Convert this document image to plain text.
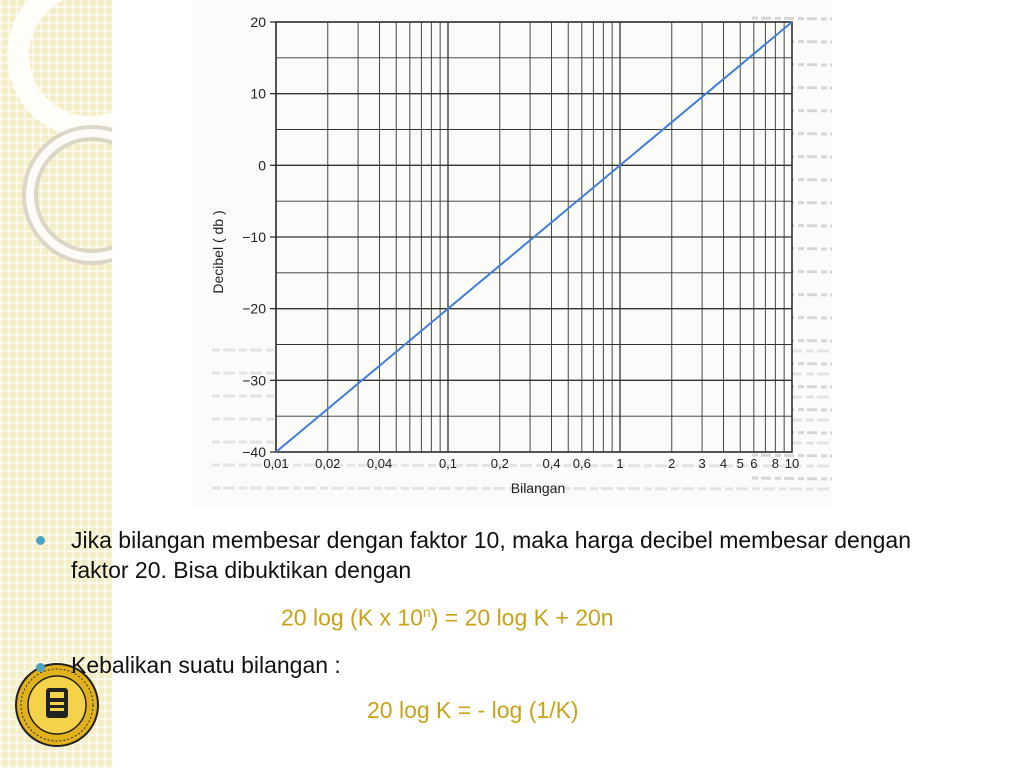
20
10
0
−10
−20
−30
−40
0,01 0,02 0,04	0,1	0,2	0,4 0,6 1	2 3 4 5 6 8 10
Decibel ( db )
Bilangan
Jika bilangan membesar dengan faktor 10, maka harga decibel membesar dengan faktor 20. Bisa dibuktikan dengan
20 log (K x $10^n) = 20$ log K + 20n
Kebalikan suatu bilangan :
20 log K = - log (1/K)
